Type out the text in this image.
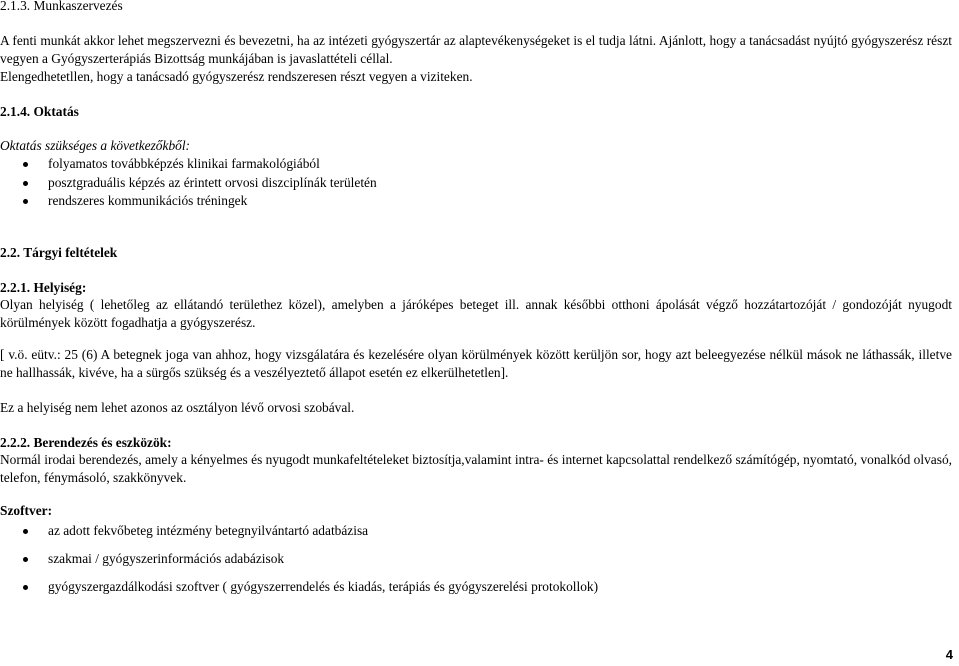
2.1.3. Munkaszervezés
A fenti munkát akkor lehet megszervezni és bevezetni, ha az intézeti gyógyszertár az alaptevékenységeket is el tudja látni. Ajánlott, hogy a tanácsadást nyújtó gyógyszerész részt vegyen a Gyógyszerterápiás Bizottság munkájában is javaslattételi céllal.
Elengedhetetllen, hogy a tanácsadó gyógyszerész rendszeresen részt vegyen a viziteken.
2.1.4. Oktatás
Oktatás szükséges a következőkből:
folyamatos továbbképzés klinikai farmakológiából
posztgraduális képzés az érintett orvosi diszciplínák területén
rendszeres kommunikációs tréningek
2.2. Tárgyi feltételek
2.2.1. Helyiség:
Olyan helyiség ( lehetőleg az ellátandó területhez közel), amelyben a járóképes beteget ill. annak későbbi otthoni ápolását végző hozzátartozóját / gondozóját nyugodt körülmények között fogadhatja a gyógyszerész.
[ v.ö. eütv.: 25 (6) A betegnek joga van ahhoz, hogy vizsgálatára és kezelésére olyan körülmények között kerüljön sor, hogy azt beleegyezése nélkül mások ne láthassák, illetve ne hallhassák, kivéve, ha a sürgős szükség és a veszélyeztető állapot esetén ez elkerülhetetlen].
Ez a helyiség nem lehet azonos az osztályon lévő orvosi szobával.
2.2.2. Berendezés és eszközök:
Normál irodai berendezés, amely a kényelmes és nyugodt munkafeltételeket biztosítja,valamint intra- és internet kapcsolattal rendelkező számítógép, nyomtató, vonalkód olvasó, telefon, fénymásoló, szakkönyvek.
Szoftver:
az adott fekvőbeteg intézmény betegnyilvántartó adatbázisa
szakmai / gyógyszerinformációs adabázisok
gyógyszergazdálkodási szoftver ( gyógyszerrendelés és kiadás, terápiás és gyógyszerelési protokollok)
4
